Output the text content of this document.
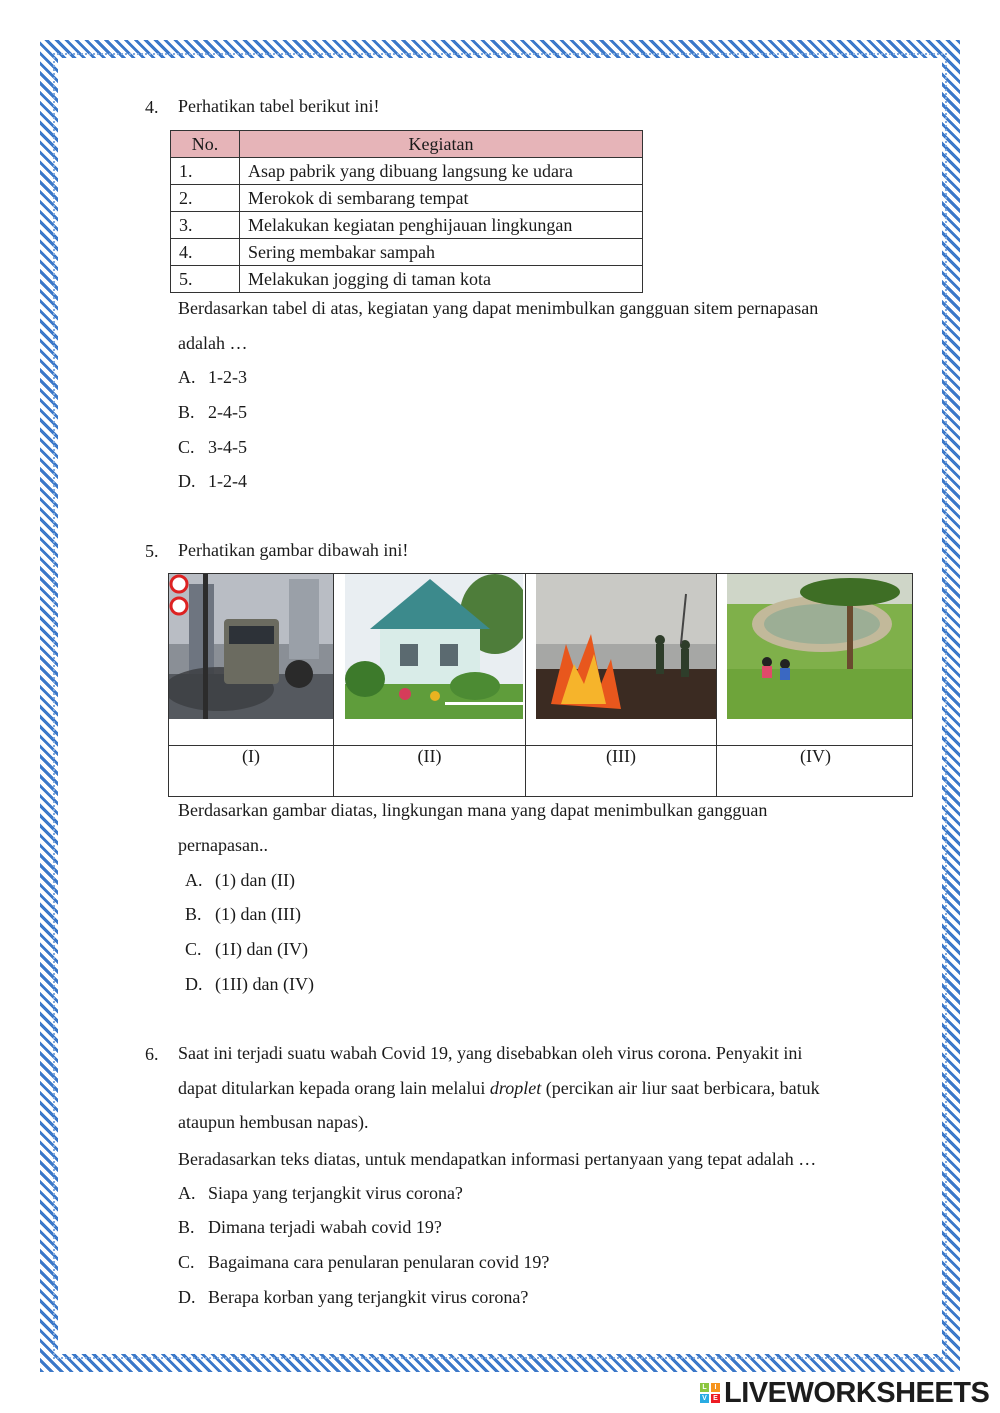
4. Perhatikan tabel berikut ini!
No.	Kegiatan
1.	Asap pabrik yang dibuang langsung ke udara
2.	Merokok di sembarang tempat
3.	Melakukan kegiatan penghijauan lingkungan
4.	Sering membakar sampah
5.	Melakukan jogging di taman kota
Berdasarkan tabel di atas, kegiatan yang dapat menimbulkan gangguan sitem pernapasan
adalah …
A. 1-2-3
B. 2-4-5
C. 3-4-5
D. 1-2-4
5. Perhatikan gambar dibawah ini!
(I)	(II)	(III)	(IV)
Berdasarkan gambar diatas, lingkungan mana yang dapat menimbulkan gangguan
pernapasan..
A. (1) dan (II)
B. (1) dan (III)
C. (1I) dan (IV)
D. (1II) dan (IV)
6. Saat ini terjadi suatu wabah Covid 19, yang disebabkan oleh virus corona. Penyakit ini
dapat ditularkan kepada orang lain melalui droplet (percikan air liur saat berbicara, batuk
ataupun hembusan napas).
Beradasarkan teks diatas, untuk mendapatkan informasi pertanyaan yang tepat adalah …
A. Siapa yang terjangkit virus corona?
B. Dimana terjadi wabah covid 19?
C. Bagaimana cara penularan penularan covid 19?
D. Berapa korban yang terjangkit virus corona?
L	I
V E LIVEWORKSHEETS
